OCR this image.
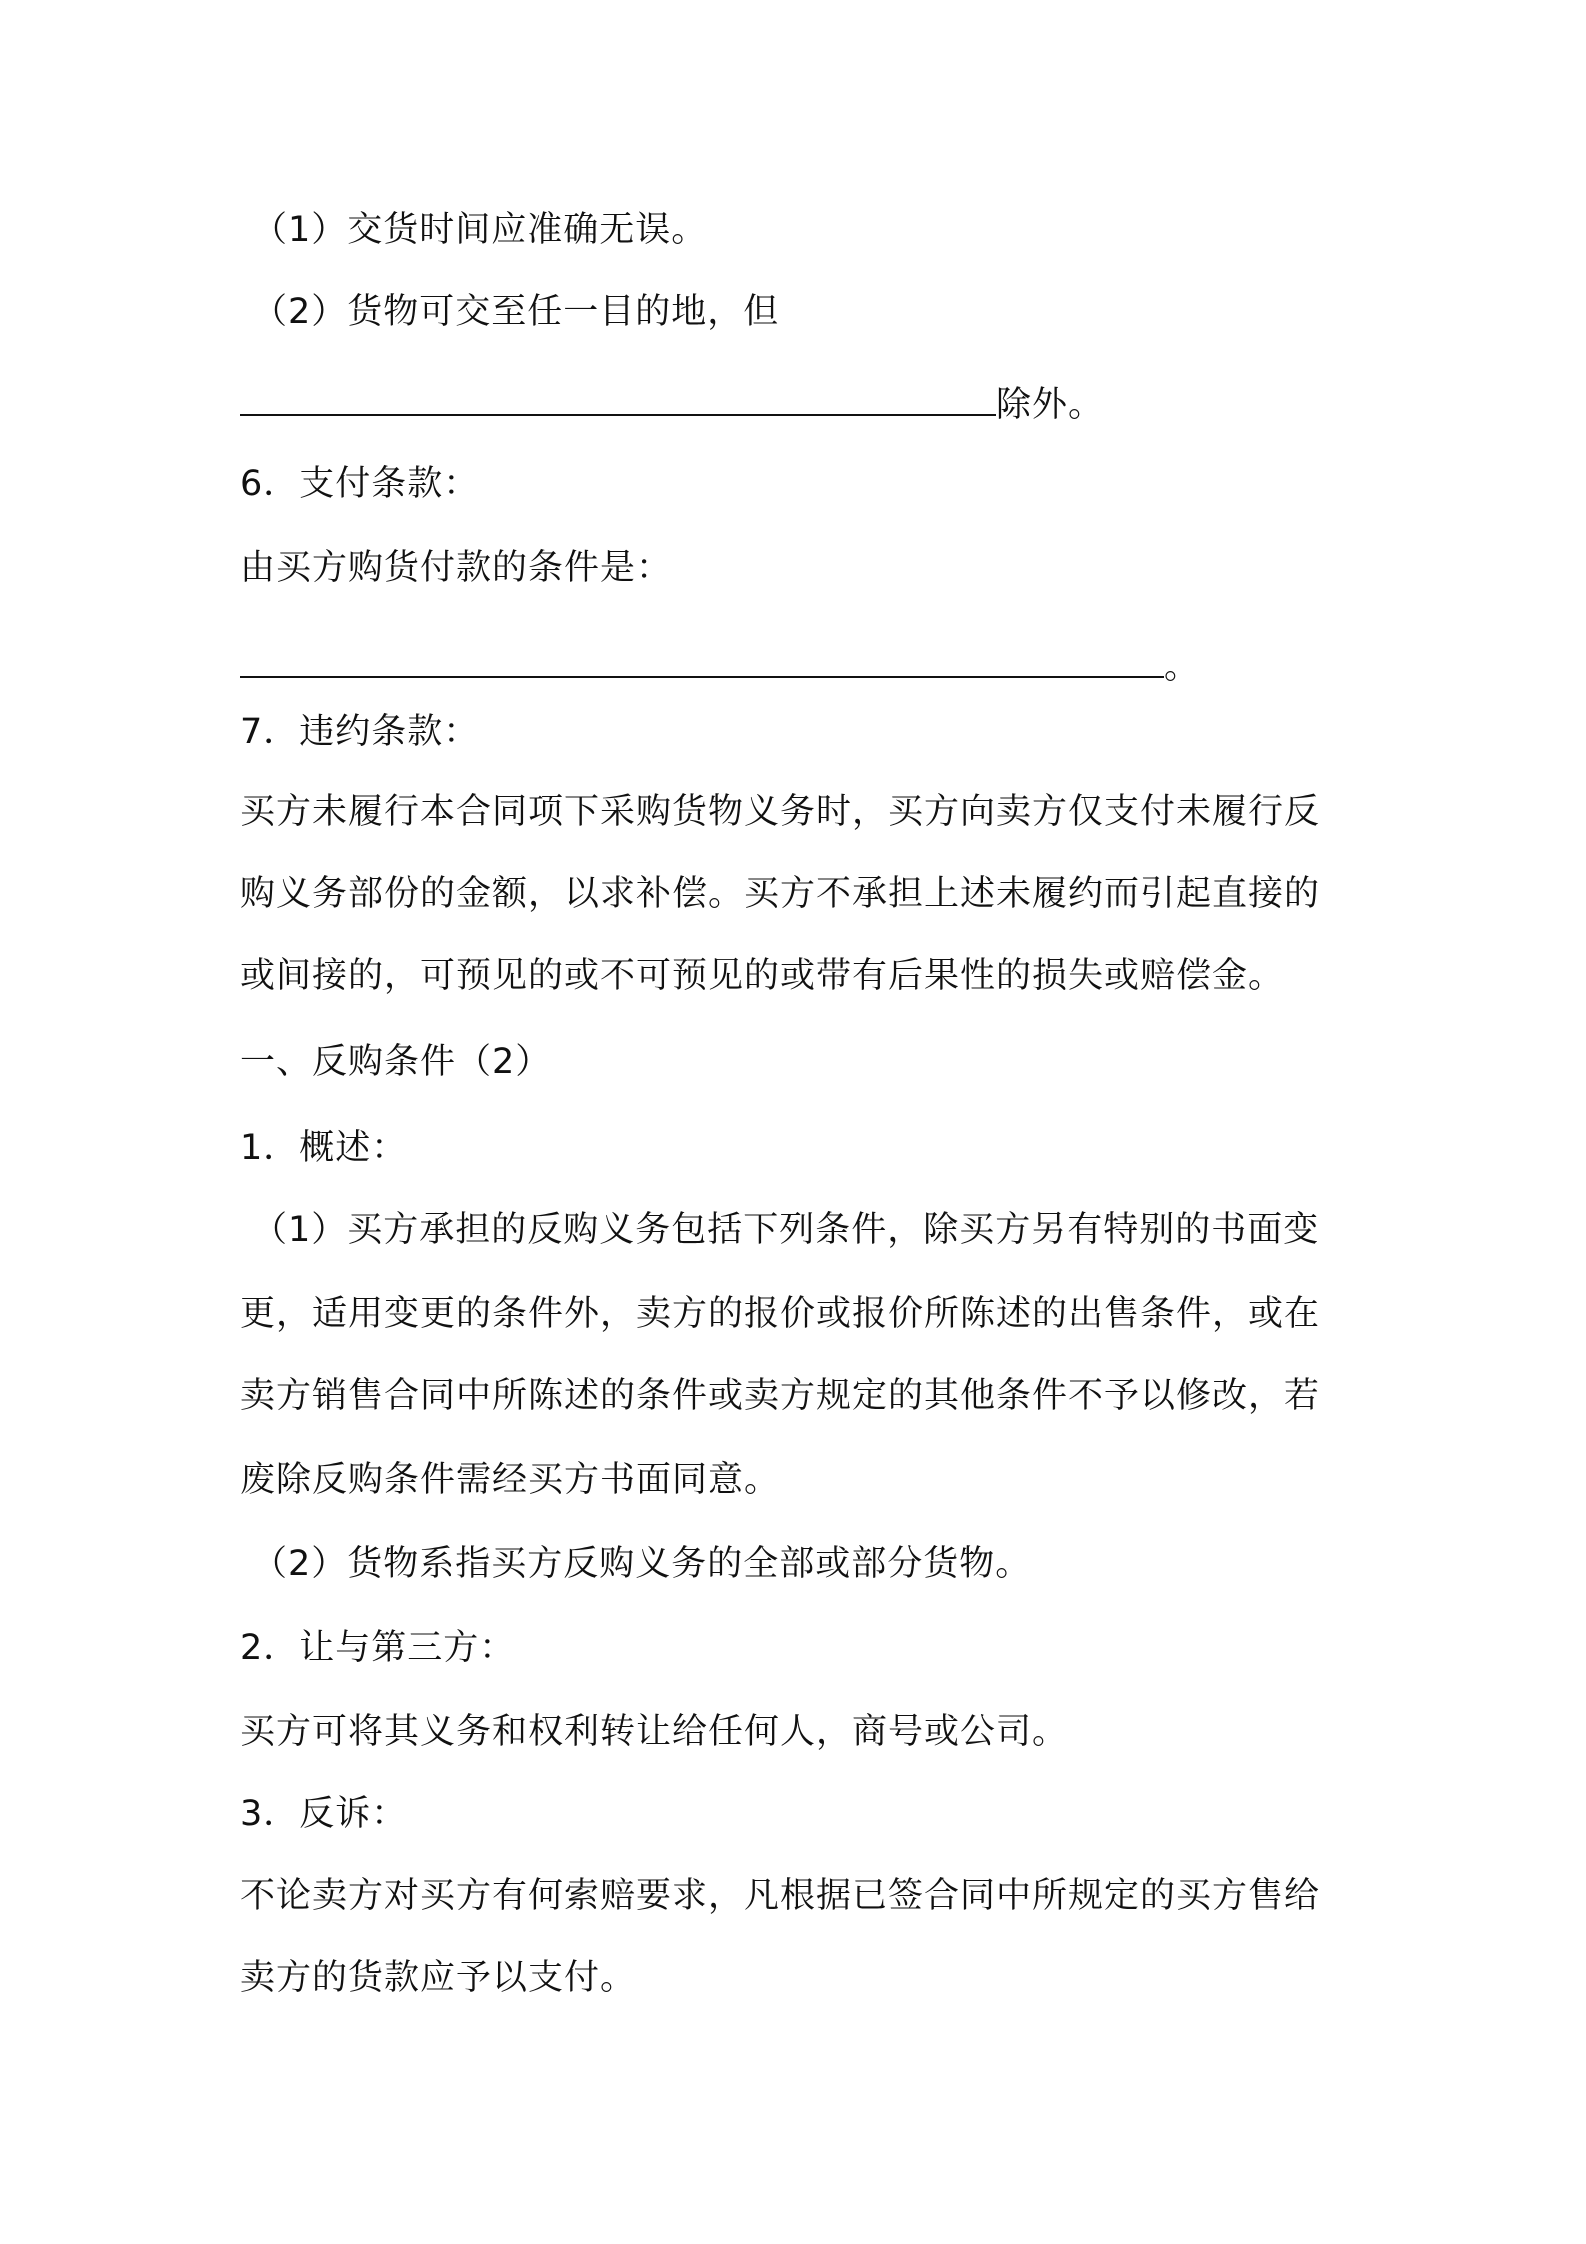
（1）交货时间应准确无误。
（2）货物可交至任一目的地，但
除外。
6．支付条款：
由买方购货付款的条件是：
。
7．违约条款：
买方未履行本合同项下采购货物义务时，买方向卖方仅支付未履行反
购义务部份的金额，以求补偿。买方不承担上述未履约而引起直接的
或间接的，可预见的或不可预见的或带有后果性的损失或赔偿金。
一、反购条件（2）
1．概述：
（1）买方承担的反购义务包括下列条件，除买方另有特别的书面变
更，适用变更的条件外，卖方的报价或报价所陈述的出售条件，或在
卖方销售合同中所陈述的条件或卖方规定的其他条件不予以修改，若
废除反购条件需经买方书面同意。
（2）货物系指买方反购义务的全部或部分货物。
2．让与第三方：
买方可将其义务和权利转让给任何人，商号或公司。
3．反诉：
不论卖方对买方有何索赔要求，凡根据已签合同中所规定的买方售给
卖方的货款应予以支付。
